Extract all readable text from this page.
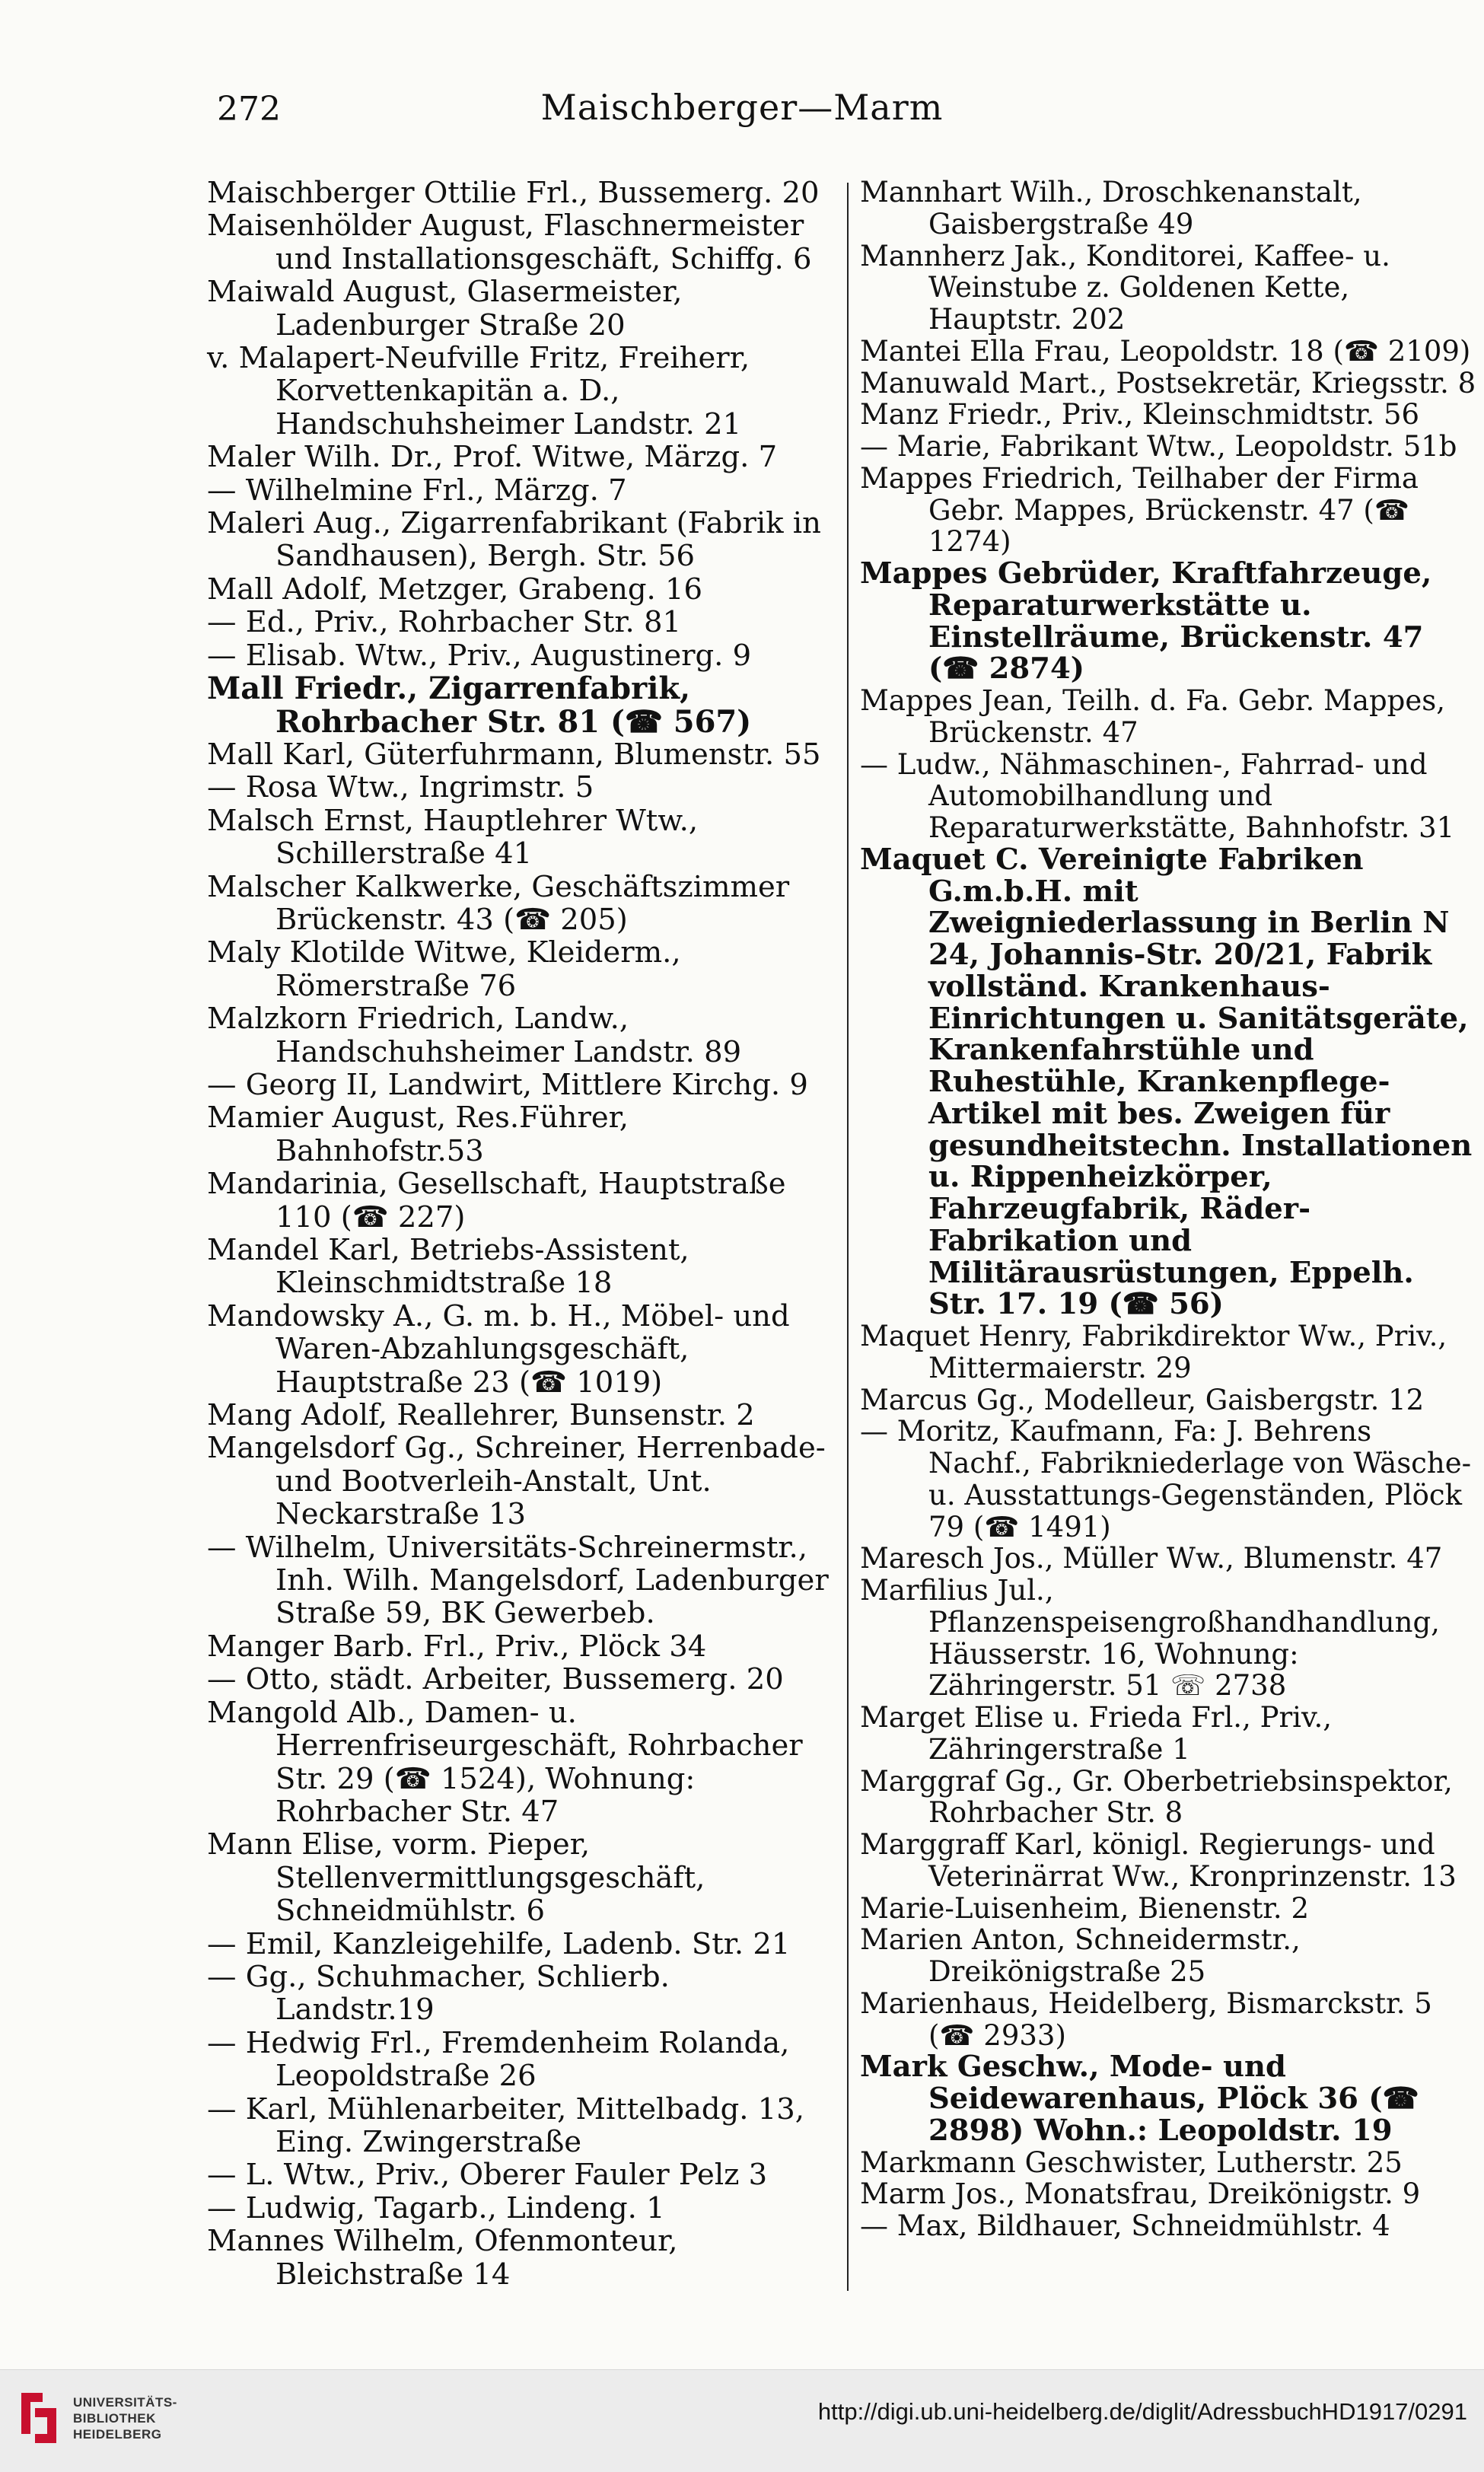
272	Maischberger—Marm

Maischberger Ottilie Frl., Bussemerg. 20

Maisenhölder August, Flaschnermeister und Installationsgeschäft, Schiffg. 6

Maiwald August, Glasermeister, Ladenburger Straße 20

v. Malapert-Neufville Fritz, Freiherr, Korvettenkapitän a. D., Handschuhsheimer Landstr. 21

Maler Wilh. Dr., Prof. Witwe, Märzg. 7

— Wilhelmine Frl., Märzg. 7

Maleri Aug., Zigarrenfabrikant (Fabrik in Sandhausen), Bergh. Str. 56

Mall Adolf, Metzger, Grabeng. 16

— Ed., Priv., Rohrbacher Str. 81

— Elisab. Wtw., Priv., Augustinerg. 9

Mall Friedr., Zigarrenfabrik, Rohrbacher Str. 81 (☎ 567)

Mall Karl, Güterfuhrmann, Blumenstr. 55

— Rosa Wtw., Ingrimstr. 5

Malsch Ernst, Hauptlehrer Wtw., Schillerstraße 41

Malscher Kalkwerke, Geschäftszimmer Brückenstr. 43 (☎ 205)

Maly Klotilde Witwe, Kleiderm., Römerstraße 76

Malzkorn Friedrich, Landw., Handschuhsheimer Landstr. 89

— Georg II, Landwirt, Mittlere Kirchg. 9

Mamier August, Res.Führer, Bahnhofstr.53

Mandarinia, Gesellschaft, Hauptstraße 110 (☎ 227)

Mandel Karl, Betriebs-Assistent, Kleinschmidtstraße 18

Mandowsky A., G. m. b. H., Möbel- und Waren-Abzahlungsgeschäft, Hauptstraße 23 (☎ 1019)

Mang Adolf, Reallehrer, Bunsenstr. 2

Mangelsdorf Gg., Schreiner, Herrenbade- und Bootverleih-Anstalt, Unt. Neckarstraße 13

— Wilhelm, Universitäts-Schreinermstr., Inh. Wilh. Mangelsdorf, Ladenburger Straße 59, BK Gewerbeb.

Manger Barb. Frl., Priv., Plöck 34

— Otto, städt. Arbeiter, Bussemerg. 20

Mangold Alb., Damen- u. Herrenfriseurgeschäft, Rohrbacher Str. 29 (☎ 1524), Wohnung: Rohrbacher Str. 47

Mann Elise, vorm. Pieper, Stellenvermittlungsgeschäft, Schneidmühlstr. 6

— Emil, Kanzleigehilfe, Ladenb. Str. 21

— Gg., Schuhmacher, Schlierb. Landstr.19

— Hedwig Frl., Fremdenheim Rolanda, Leopoldstraße 26

— Karl, Mühlenarbeiter, Mittelbadg. 13, Eing. Zwingerstraße

— L. Wtw., Priv., Oberer Fauler Pelz 3

— Ludwig, Tagarb., Lindeng. 1

Mannes Wilhelm, Ofenmonteur, Bleichstraße 14

Mannhart Wilh., Droschkenanstalt, Gaisbergstraße 49

Mannherz Jak., Konditorei, Kaffee- u. Weinstube z. Goldenen Kette, Hauptstr. 202

Mantei Ella Frau, Leopoldstr. 18 (☎ 2109)

Manuwald Mart., Postsekretär, Kriegsstr. 8

Manz Friedr., Priv., Kleinschmidtstr. 56

— Marie, Fabrikant Wtw., Leopoldstr. 51b

Mappes Friedrich, Teilhaber der Firma Gebr. Mappes, Brückenstr. 47 (☎ 1274)

Mappes Gebrüder, Kraftfahrzeuge, Reparaturwerkstätte u. Einstellräume, Brückenstr. 47 (☎ 2874)

Mappes Jean, Teilh. d. Fa. Gebr. Mappes, Brückenstr. 47

— Ludw., Nähmaschinen-, Fahrrad- und Automobilhandlung und Reparaturwerkstätte, Bahnhofstr. 31

Maquet C. Vereinigte Fabriken G.m.b.H. mit Zweigniederlassung in Berlin N 24, Johannis-Str. 20/21, Fabrik vollständ. Krankenhaus-Einrichtungen u. Sanitätsgeräte, Krankenfahrstühle und Ruhestühle, Krankenpflege-Artikel mit bes. Zweigen für gesundheitstechn. Installationen u. Rippenheizkörper, Fahrzeugfabrik, Räder-Fabrikation und Militärausrüstungen, Eppelh. Str. 17. 19 (☎ 56)

Maquet Henry, Fabrikdirektor Ww., Priv., Mittermaierstr. 29

Marcus Gg., Modelleur, Gaisbergstr. 12

— Moritz, Kaufmann, Fa: J. Behrens Nachf., Fabrikniederlage von Wäsche- u. Ausstattungs-Gegenständen, Plöck 79 (☎ 1491)

Maresch Jos., Müller Ww., Blumenstr. 47

Marfilius Jul., Pflanzenspeisengroßhandhandlung, Häusserstr. 16, Wohnung: Zähringerstr. 51 ☏ 2738

Marget Elise u. Frieda Frl., Priv., Zähringerstraße 1

Marggraf Gg., Gr. Oberbetriebsinspektor, Rohrbacher Str. 8

Marggraff Karl, königl. Regierungs- und Veterinärrat Ww., Kronprinzenstr. 13

Marie-Luisenheim, Bienenstr. 2

Marien Anton, Schneidermstr., Dreikönigstraße 25

Marienhaus, Heidelberg, Bismarckstr. 5 (☎ 2933)

Mark Geschw., Mode- und Seidewarenhaus, Plöck 36 (☎ 2898) Wohn.: Leopoldstr. 19

Markmann Geschwister, Lutherstr. 25

Marm Jos., Monatsfrau, Dreikönigstr. 9

— Max, Bildhauer, Schneidmühlstr. 4

UNIVERSITÄTS-
BIBLIOTHEK
HEIDELBERG
http://digi.ub.uni-heidelberg.de/diglit/AdressbuchHD1917/0291
